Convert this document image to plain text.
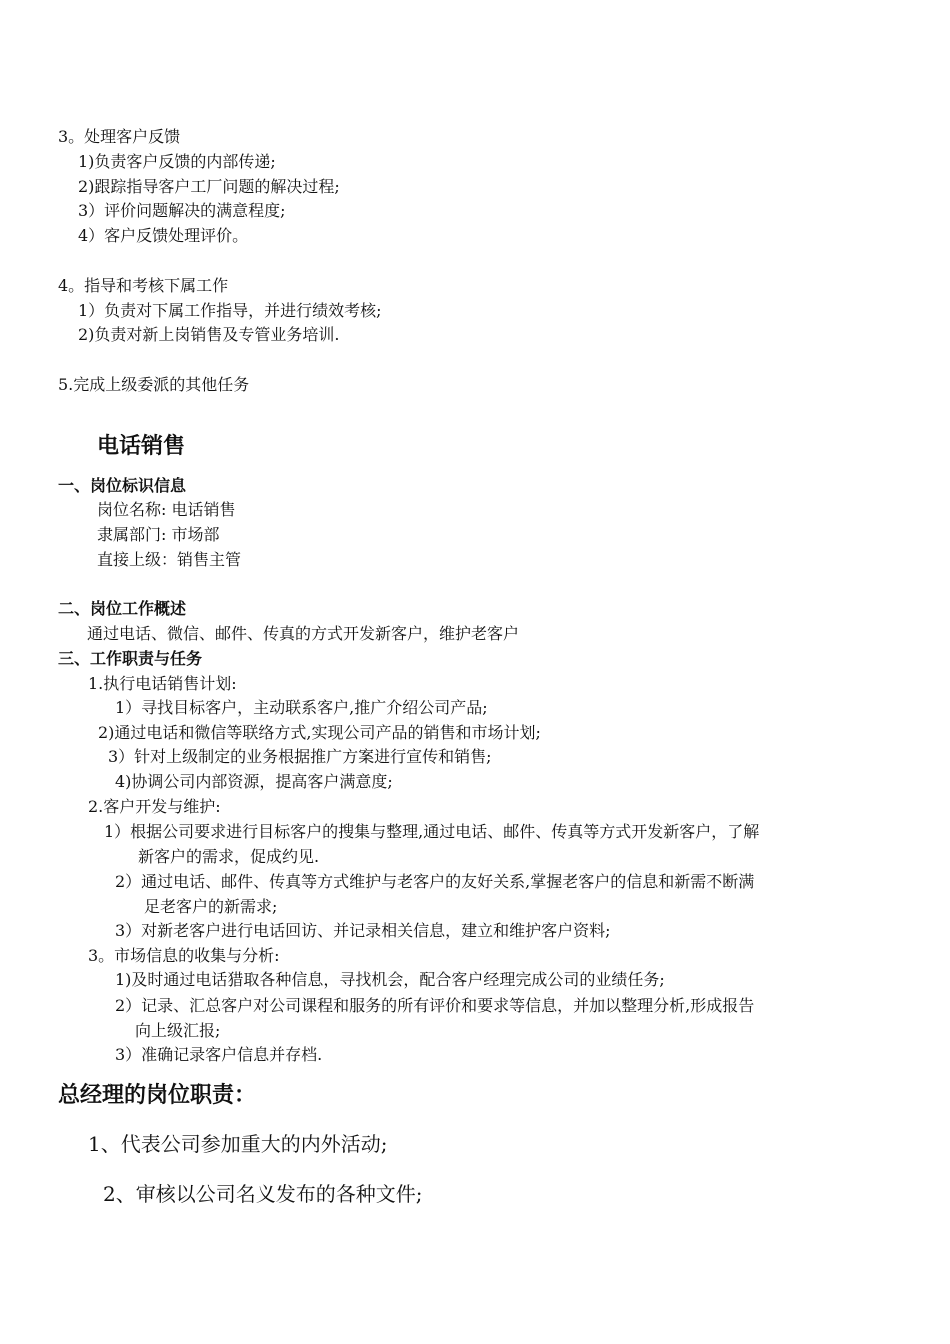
3。处理客户反馈
1)负责客户反馈的内部传递;
2)跟踪指导客户工厂问题的解决过程;
3）评价问题解决的满意程度;
4）客户反馈处理评价。
4。指导和考核下属工作
1）负责对下属工作指导，并进行绩效考核;
2)负责对新上岗销售及专管业务培训.
5.完成上级委派的其他任务
电话销售
一、岗位标识信息
岗位名称: 电话销售
隶属部门: 市场部
直接上级：销售主管
二、岗位工作概述
通过电话、微信、邮件、传真的方式开发新客户，维护老客户
三、工作职责与任务
1.执行电话销售计划:
1）寻找目标客户，主动联系客户,推广介绍公司产品;
2)通过电话和微信等联络方式,实现公司产品的销售和市场计划;
3）针对上级制定的业务根据推广方案进行宣传和销售;
4)协调公司内部资源，提高客户满意度;
2.客户开发与维护:
1）根据公司要求进行目标客户的搜集与整理,通过电话、邮件、传真等方式开发新客户，了解
新客户的需求，促成约见.
2）通过电话、邮件、传真等方式维护与老客户的友好关系,掌握老客户的信息和新需不断满
足老客户的新需求;
3）对新老客户进行电话回访、并记录相关信息，建立和维护客户资料;
3。市场信息的收集与分析:
1)及时通过电话猎取各种信息，寻找机会，配合客户经理完成公司的业绩任务;
2）记录、汇总客户对公司课程和服务的所有评价和要求等信息，并加以整理分析,形成报告
向上级汇报;
3）准确记录客户信息并存档.
总经理的岗位职责：
1、代表公司参加重大的内外活动;
2、审核以公司名义发布的各种文件;
